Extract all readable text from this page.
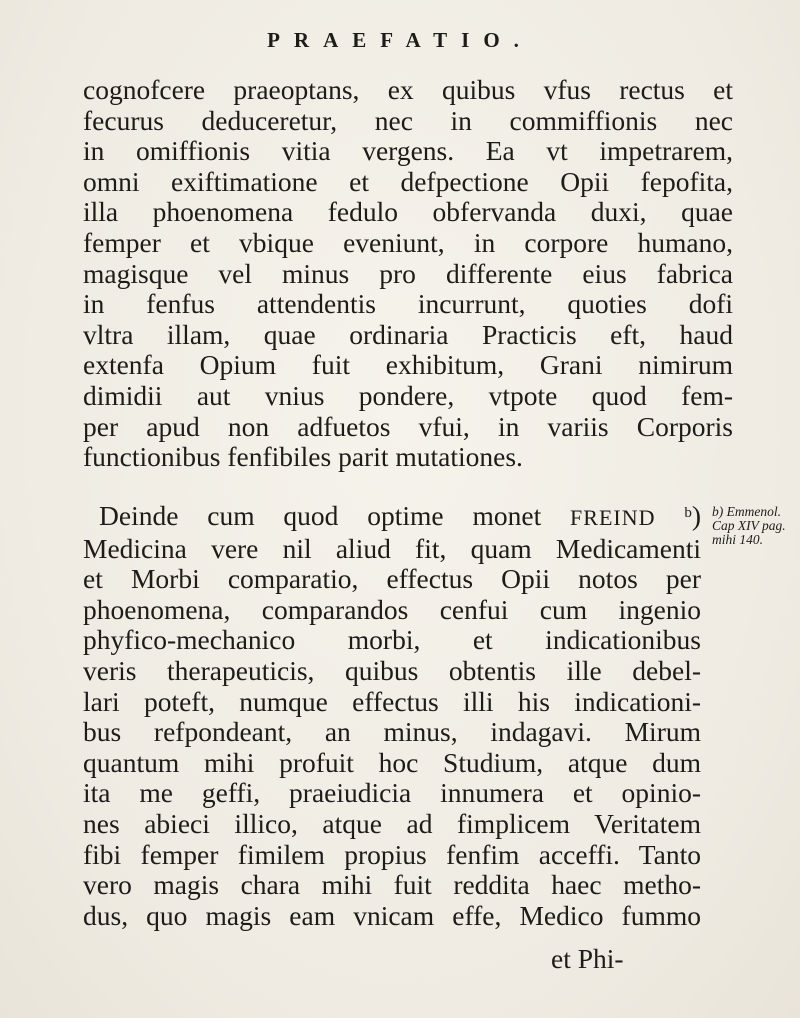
PRAEFATIO.
cognofcere praeoptans, ex quibus vfus rectus et
fecurus deduceretur, nec in commiffionis nec
in omiffionis vitia vergens. Ea vt impetrarem,
omni exiftimatione et defpectione Opii fepofita,
illa phoenomena fedulo obfervanda duxi, quae
femper et vbique eveniunt, in corpore humano,
magisque vel minus pro differente eius fabrica
in fenfus attendentis incurrunt, quoties dofi
vltra illam, quae ordinaria Practicis eft, haud
extenfa Opium fuit exhibitum, Grani nimirum
dimidii aut vnius pondere, vtpote quod fem-
per apud non adfuetos vfui, in variis Corporis
functionibus fenfibiles parit mutationes.
Deinde cum quod optime monet FREIND $^b$)
Medicina vere nil aliud fit, quam Medicamenti
et Morbi comparatio, effectus Opii notos per
phoenomena, comparandos cenfui cum ingenio
phyfico-mechanico morbi, et indicationibus
veris therapeuticis, quibus obtentis ille debel-
lari poteft, numque effectus illi his indicationi-
bus refpondeant, an minus, indagavi. Mirum
quantum mihi profuit hoc Studium, atque dum
ita me geffi, praeiudicia innumera et opinio-
nes abieci illico, atque ad fimplicem Veritatem
fibi femper fimilem propius fenfim acceffi. Tanto
vero magis chara mihi fuit reddita haec metho-
dus, quo magis eam vnicam effe, Medico fummo
b) Emmenol.
Cap XIV pag.
mihi 140.
et Phi-
